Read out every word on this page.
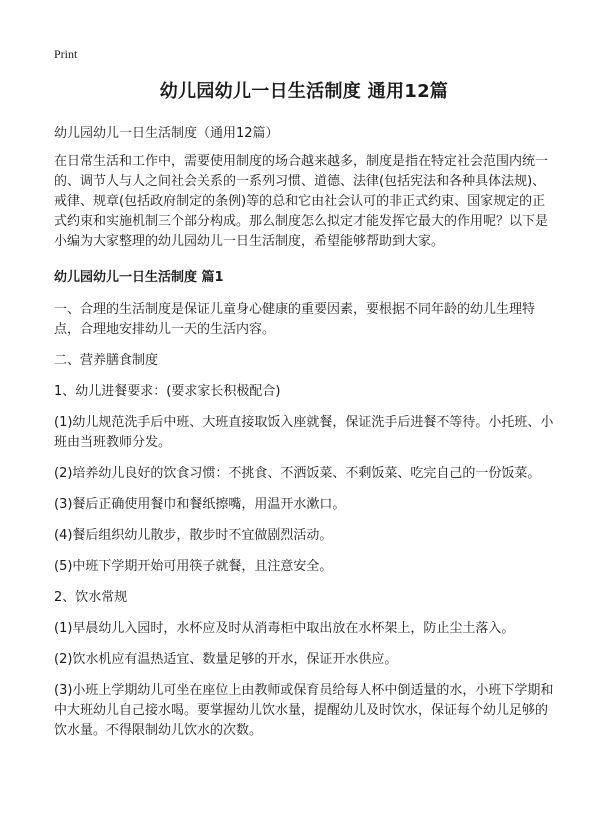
Print
幼儿园幼儿一日生活制度 通用12篇
幼儿园幼儿一日生活制度（通用12篇）

在日常生活和工作中，需要使用制度的场合越来越多，制度是指在特定社会范围内统一的、调节人与人之间社会关系的一系列习惯、道德、法律(包括宪法和各种具体法规)、戒律、规章(包括政府制定的条例)等的总和它由社会认可的非正式约束、国家规定的正式约束和实施机制三个部分构成。那么制度怎么拟定才能发挥它最大的作用呢？以下是小编为大家整理的幼儿园幼儿一日生活制度，希望能够帮助到大家。

幼儿园幼儿一日生活制度 篇1

一、合理的生活制度是保证儿童身心健康的重要因素，要根据不同年龄的幼儿生理特点，合理地安排幼儿一天的生活内容。

二、营养膳食制度

1、幼儿进餐要求：(要求家长积极配合)

(1)幼儿规范洗手后中班、大班直接取饭入座就餐，保证洗手后进餐不等待。小托班、小班由当班教师分发。

(2)培养幼儿良好的饮食习惯：不挑食、不洒饭菜、不剩饭菜、吃完自己的一份饭菜。

(3)餐后正确使用餐巾和餐纸擦嘴，用温开水漱口。

(4)餐后组织幼儿散步，散步时不宜做剧烈活动。

(5)中班下学期开始可用筷子就餐，且注意安全。

2、饮水常规

(1)早晨幼儿入园时，水杯应及时从消毒柜中取出放在水杯架上，防止尘土落入。

(2)饮水机应有温热适宜、数量足够的开水，保证开水供应。

(3)小班上学期幼儿可坐在座位上由教师或保育员给每人杯中倒适量的水，小班下学期和中大班幼儿自己接水喝。要掌握幼儿饮水量，提醒幼儿及时饮水，保证每个幼儿足够的饮水量。不得限制幼儿饮水的次数。
